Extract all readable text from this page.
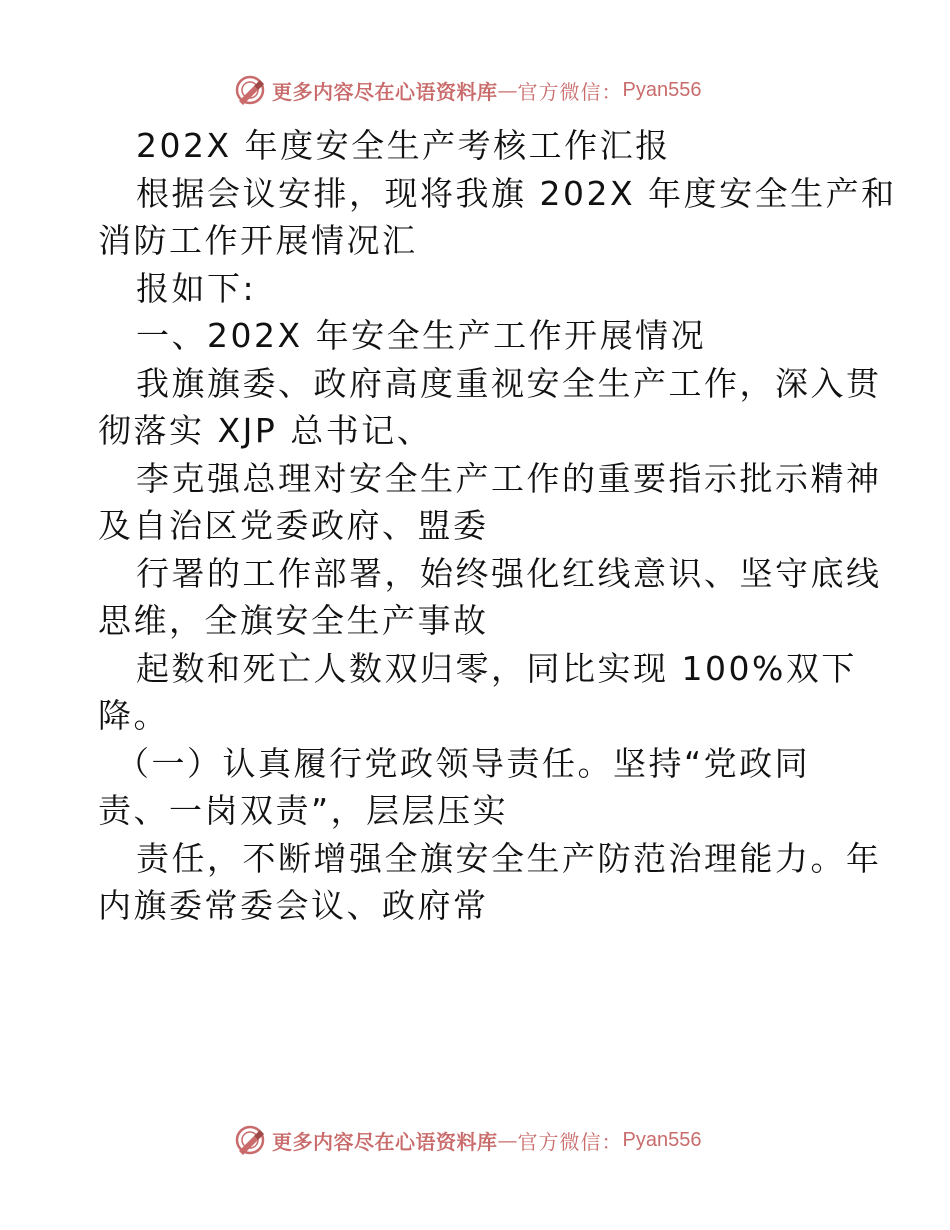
更多内容尽在心语资料库 — 官方微信： Pyan556
202X 年度安全生产考核工作汇报
根据会议安排，现将我旗 202X 年度安全生产和
消防工作开展情况汇
报如下:
一、202X 年安全生产工作开展情况
我旗旗委、政府高度重视安全生产工作，深入贯
彻落实 XJP 总书记、
李克强总理对安全生产工作的重要指示批示精神
及自治区党委政府、盟委
行署的工作部署，始终强化红线意识、坚守底线
思维，全旗安全生产事故
起数和死亡人数双归零，同比实现 100%双下
降。
（一）认真履行党政领导责任。坚持“党政同
责、一岗双责”，层层压实
责任，不断增强全旗安全生产防范治理能力。年
内旗委常委会议、政府常
更多内容尽在心语资料库 — 官方微信： Pyan556
